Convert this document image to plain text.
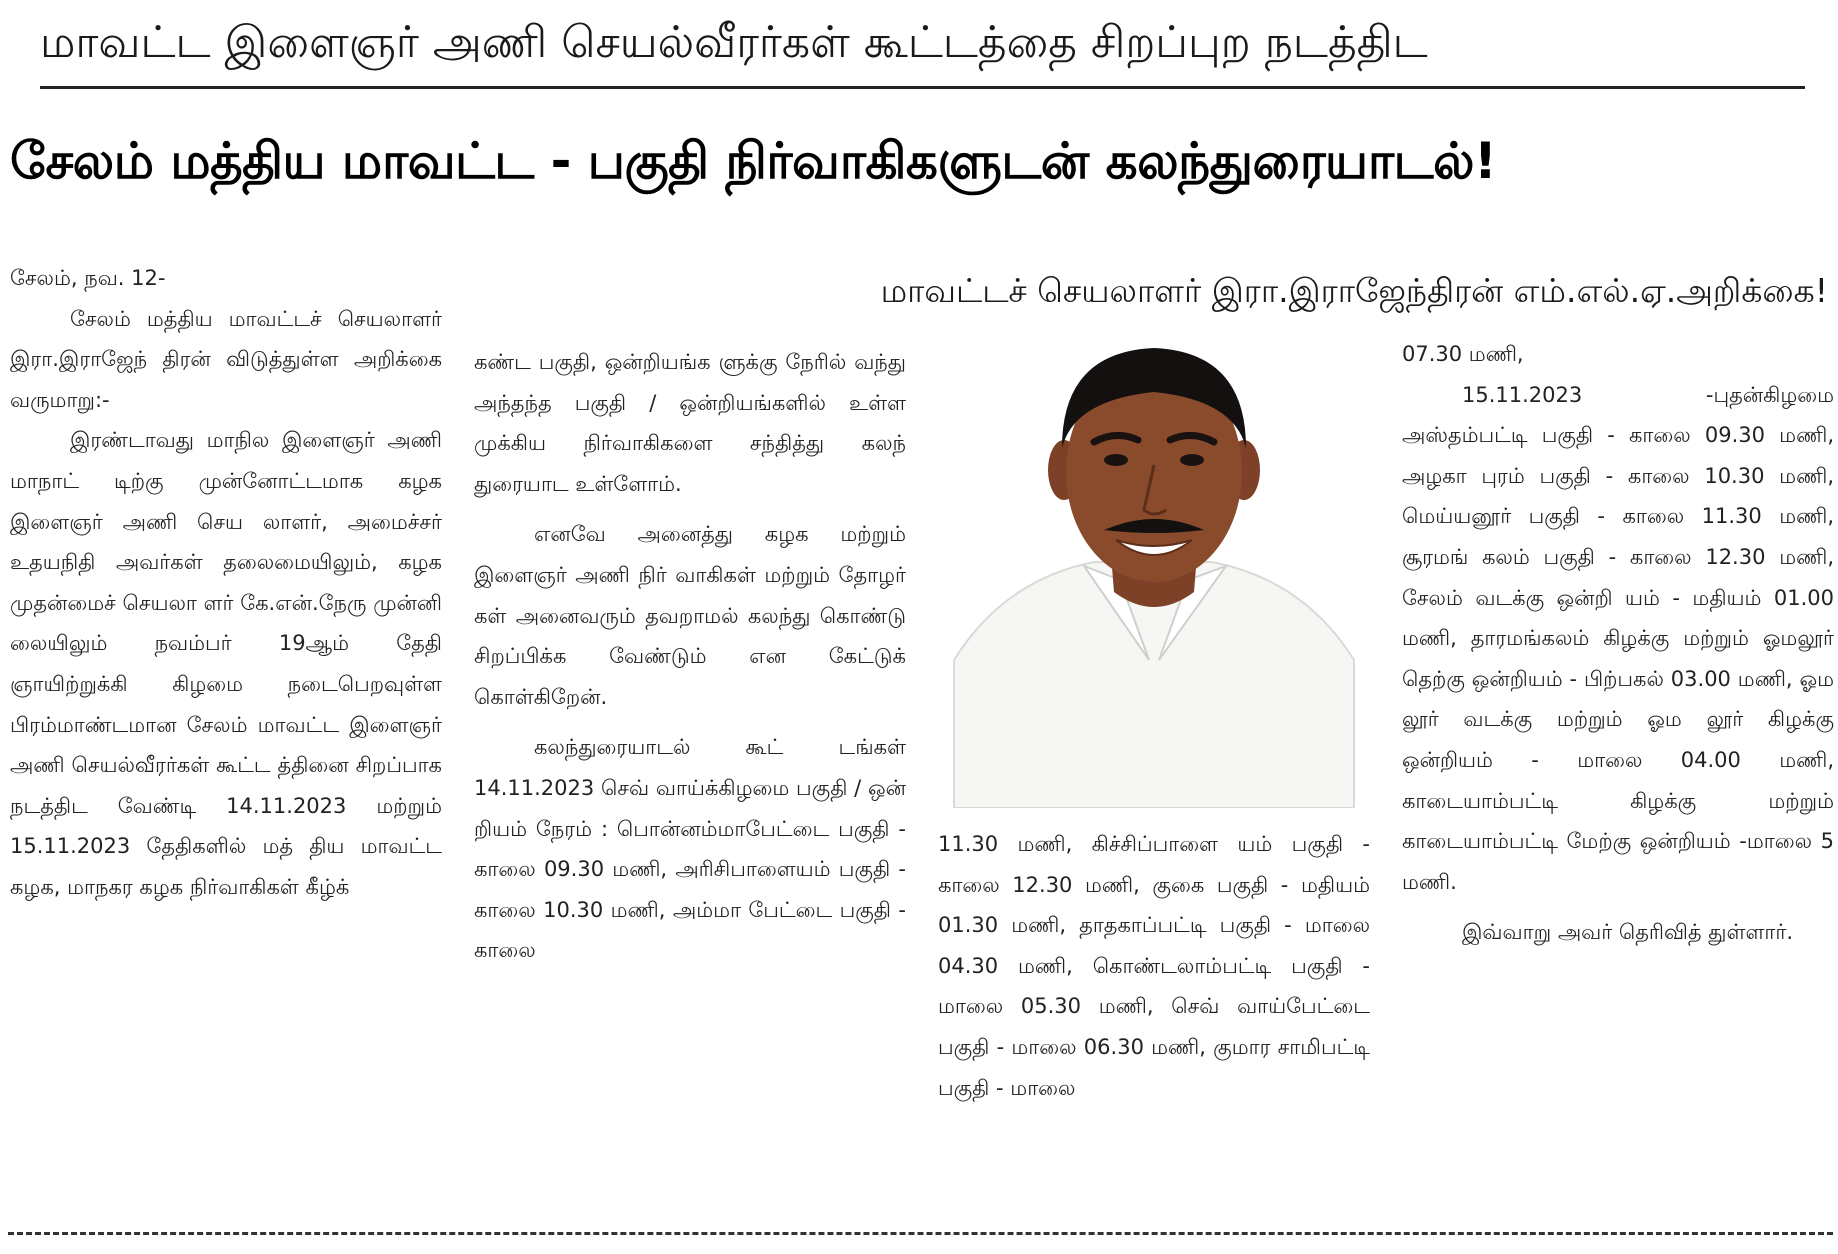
மாவட்ட இளைஞர் அணி செயல்வீரர்கள் கூட்டத்தை சிறப்புற நடத்திட
சேலம் மத்திய மாவட்ட - பகுதி நிர்வாகிகளுடன் கலந்துரையாடல்!
மாவட்டச் செயலாளர் இரா.இராஜேந்திரன் எம்.எல்.ஏ.அறிக்கை!

சேலம், நவ. 12-

சேலம் மத்திய மாவட்டச் செயலாளர் இரா.இராஜேந் திரன் விடுத்துள்ள அறிக்கை வருமாறு:-

இரண்டாவது மாநில இளைஞர் அணி மாநாட் டிற்கு முன்னோட்டமாக கழக இளைஞர் அணி செய லாளர், அமைச்சர் உதயநிதி அவர்கள் தலைமையிலும், கழக முதன்மைச் செயலா ளர் கே.என்.நேரு முன்னி லையிலும் நவம்பர் 19ஆம் தேதி ஞாயிற்றுக்கி கிழமை நடைபெறவுள்ள பிரம்மாண்டமான சேலம் மாவட்ட இளைஞர் அணி செயல்வீரர்கள் கூட்ட த்தினை சிறப்பாக நடத்திட வேண்டி 14.11.2023 மற்றும் 15.11.2023 தேதிகளில் மத் திய மாவட்ட கழக, மாநகர கழக நிர்வாகிகள் கீழ்க்

கண்ட பகுதி, ஒன்றியங்க ளுக்கு நேரில் வந்து அந்தந்த பகுதி / ஒன்றியங்களில் உள்ள முக்கிய நிர்வாகிகளை சந்தித்து கலந் துரையாட உள்ளோம்.

எனவே அனைத்து கழக மற்றும் இளைஞர் அணி நிர் வாகிகள் மற்றும் தோழர் கள் அனைவரும் தவறாமல் கலந்து கொண்டு சிறப்பிக்க வேண்டும் என கேட்டுக் கொள்கிறேன்.

கலந்துரையாடல் கூட் டங்கள் 14.11.2023 செவ் வாய்க்கிழமை பகுதி / ஒன் றியம் நேரம் : பொன்னம்மாபேட்டை பகுதி - காலை 09.30 மணி, அரிசிபாளையம் பகுதி - காலை 10.30 மணி, அம்மா பேட்டை பகுதி - காலை

11.30 மணி, கிச்சிப்பாளை யம் பகுதி - காலை 12.30 மணி, குகை பகுதி - மதியம் 01.30 மணி, தாதகாப்பட்டி பகுதி - மாலை 04.30 மணி, கொண்டலாம்பட்டி பகுதி - மாலை 05.30 மணி, செவ் வாய்பேட்டை பகுதி - மாலை 06.30 மணி, குமார சாமிபட்டி பகுதி - மாலை

07.30 மணி,

15.11.2023 -புதன்கிழமை அஸ்தம்பட்டி பகுதி - காலை 09.30 மணி, அழகா புரம் பகுதி - காலை 10.30 மணி, மெய்யனூர் பகுதி - காலை 11.30 மணி, சூரமங் கலம் பகுதி - காலை 12.30 மணி, சேலம் வடக்கு ஒன்றி யம் - மதியம் 01.00 மணி, தாரமங்கலம் கிழக்கு மற்றும் ஓமலூர் தெற்கு ஒன்றியம் - பிற்பகல் 03.00 மணி, ஓம லூர் வடக்கு மற்றும் ஓம லூர் கிழக்கு ஒன்றியம் - மாலை 04.00 மணி, காடையாம்பட்டி கிழக்கு மற்றும் காடையாம்பட்டி மேற்கு ஒன்றியம் -மாலை 5 மணி.

இவ்வாறு அவர் தெரிவித் துள்ளார்.
